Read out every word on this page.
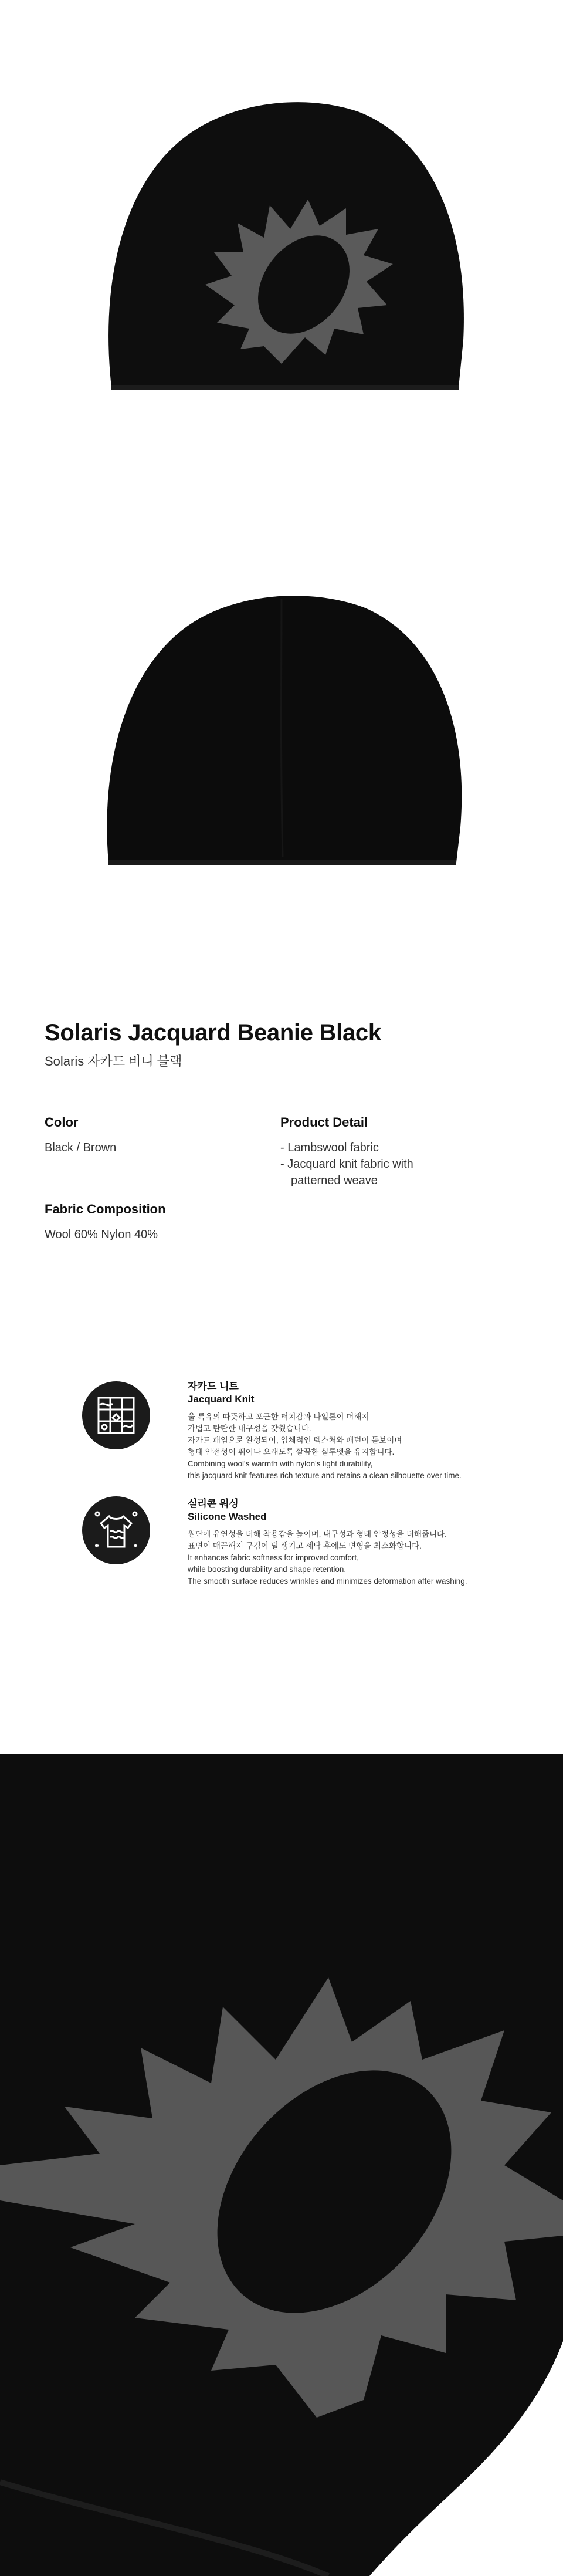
Solaris Jacquard Beanie Black
Solaris 자카드 비니 블랙
Color
Black / Brown
Product Detail
- Lambswool fabric
- Jacquard knit fabric with patterned weave
Fabric Composition
Wool 60% Nylon 40%
자카드 니트
Jacquard Knit
울 특유의 따뜻하고 포근한 터치감과 나일론이 더해져
가볍고 탄탄한 내구성을 갖췄습니다.
자카드 패임으로 완성되어, 입체적인 텍스처와 패턴이 돋보이며
형태 안전성이 뛰어나 오래도록 깔끔한 실루엣을 유지합니다.
Combining wool's warmth with nylon's light durability,
this jacquard knit features rich texture and retains a clean silhouette over time.
실리콘 워싱
Silicone Washed
원단에 유연성을 더해 착용감을 높이며, 내구성과 형태 안정성을 더해줍니다.
표면이 매끈해져 구김이 덜 생기고 세탁 후에도 변형을 최소화합니다.
It enhances fabric softness for improved comfort,
while boosting durability and shape retention.
The smooth surface reduces wrinkles and minimizes deformation after washing.
